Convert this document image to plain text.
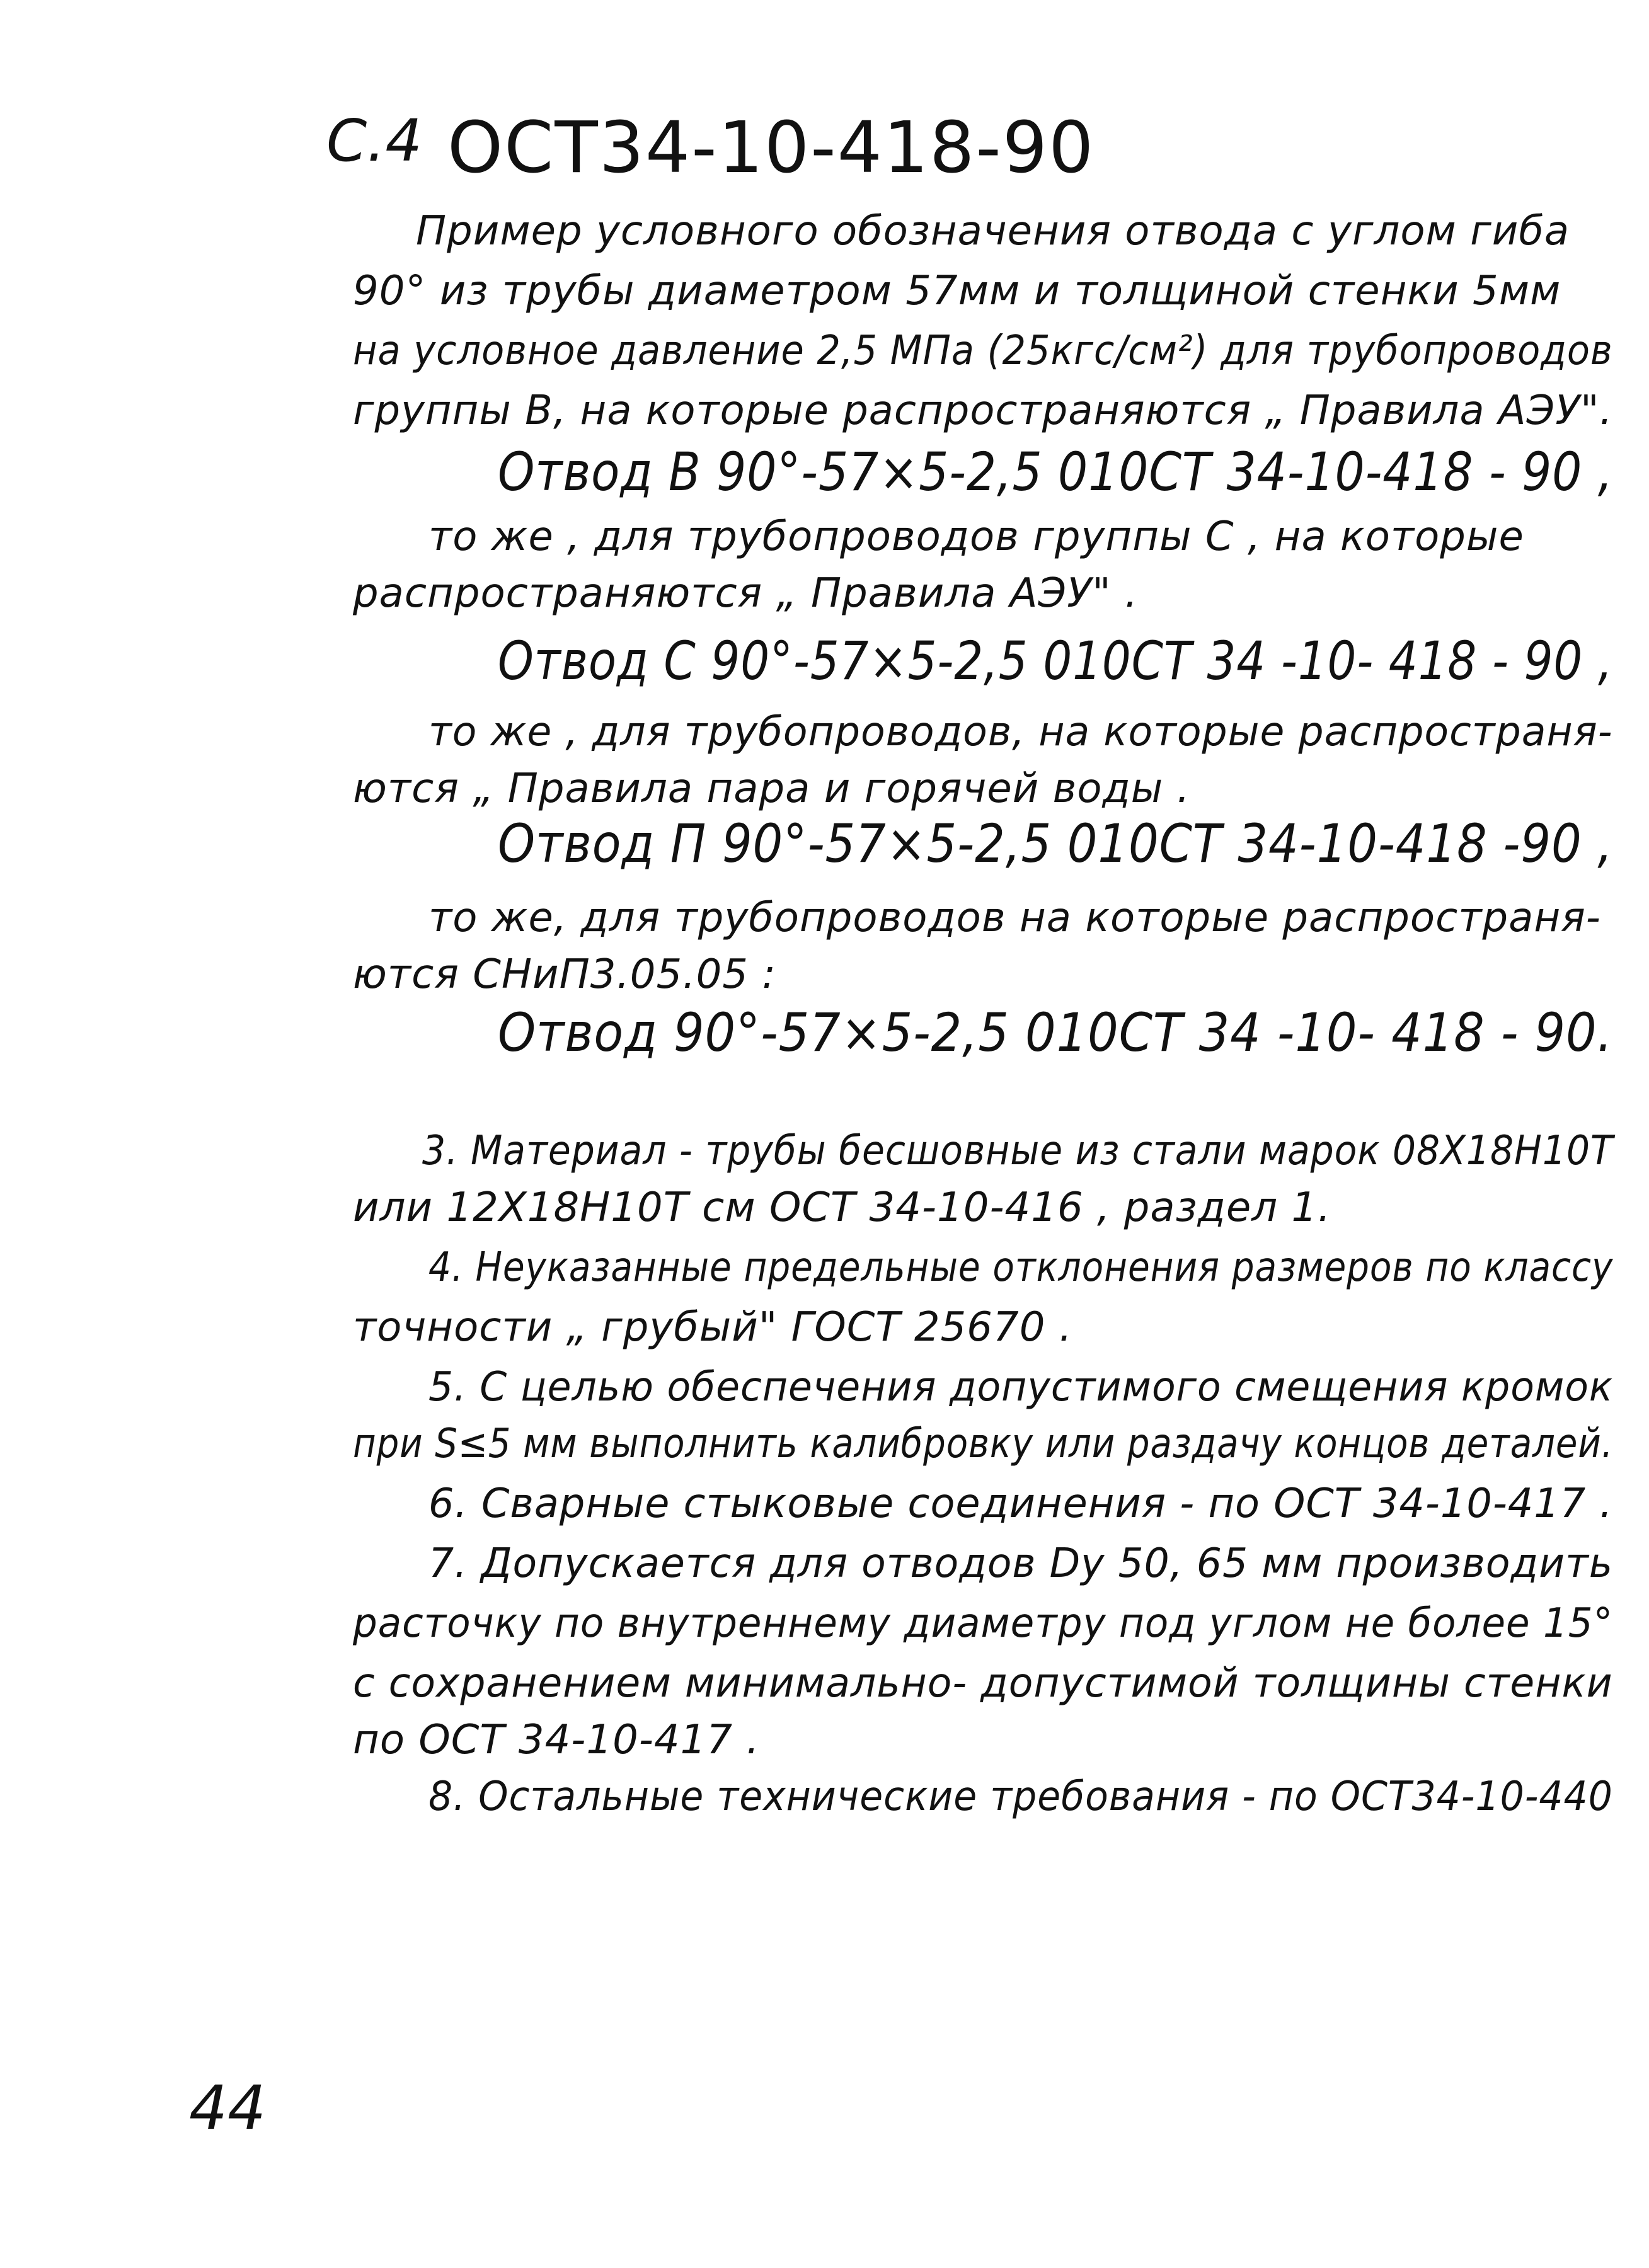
С.4 ОСТ34-10-418-90
Пример условного обозначения отвода с углом гиба
90° из трубы диаметром 57мм и толщиной стенки 5мм
на условное давление 2,5 МПа (25кгс/см²) для трубопроводов
группы В, на которые распространяются „ Правила АЭУ".
Отвод В 90°-57×5-2,5 010СТ 34-10-418 - 90 ,
то же , для трубопроводов группы С , на которые
распространяются „ Правила АЭУ" .
Отвод С 90°-57×5-2,5 010СТ 34 -10- 418 - 90 ,
то же , для трубопроводов, на которые распространя-
ются „ Правила пара и горячей воды .
Отвод П 90°-57×5-2,5 010СТ 34-10-418 -90 ,
то же, для трубопроводов на которые распространя-
ются СНиП3.05.05 :
Отвод 90°-57×5-2,5 010СТ 34 -10- 418 - 90.
3. Материал - трубы бесшовные из стали марок 08Х18Н10Т
или 12Х18Н10Т см ОСТ 34-10-416 , раздел 1.
4. Неуказанные предельные отклонения размеров по классу
точности „ грубый" ГОСТ 25670 .
5. С целью обеспечения допустимого смещения кромок
при S≤5 мм выполнить калибровку или раздачу концов деталей.
6. Сварные стыковые соединения - по ОСТ 34-10-417 .
7. Допускается для отводов Dу 50, 65 мм производить
расточку по внутреннему диаметру под углом не более 15°
с сохранением минимально- допустимой толщины стенки
по ОСТ 34-10-417 .
8. Остальные технические требования - по ОСТ34-10-440
44
